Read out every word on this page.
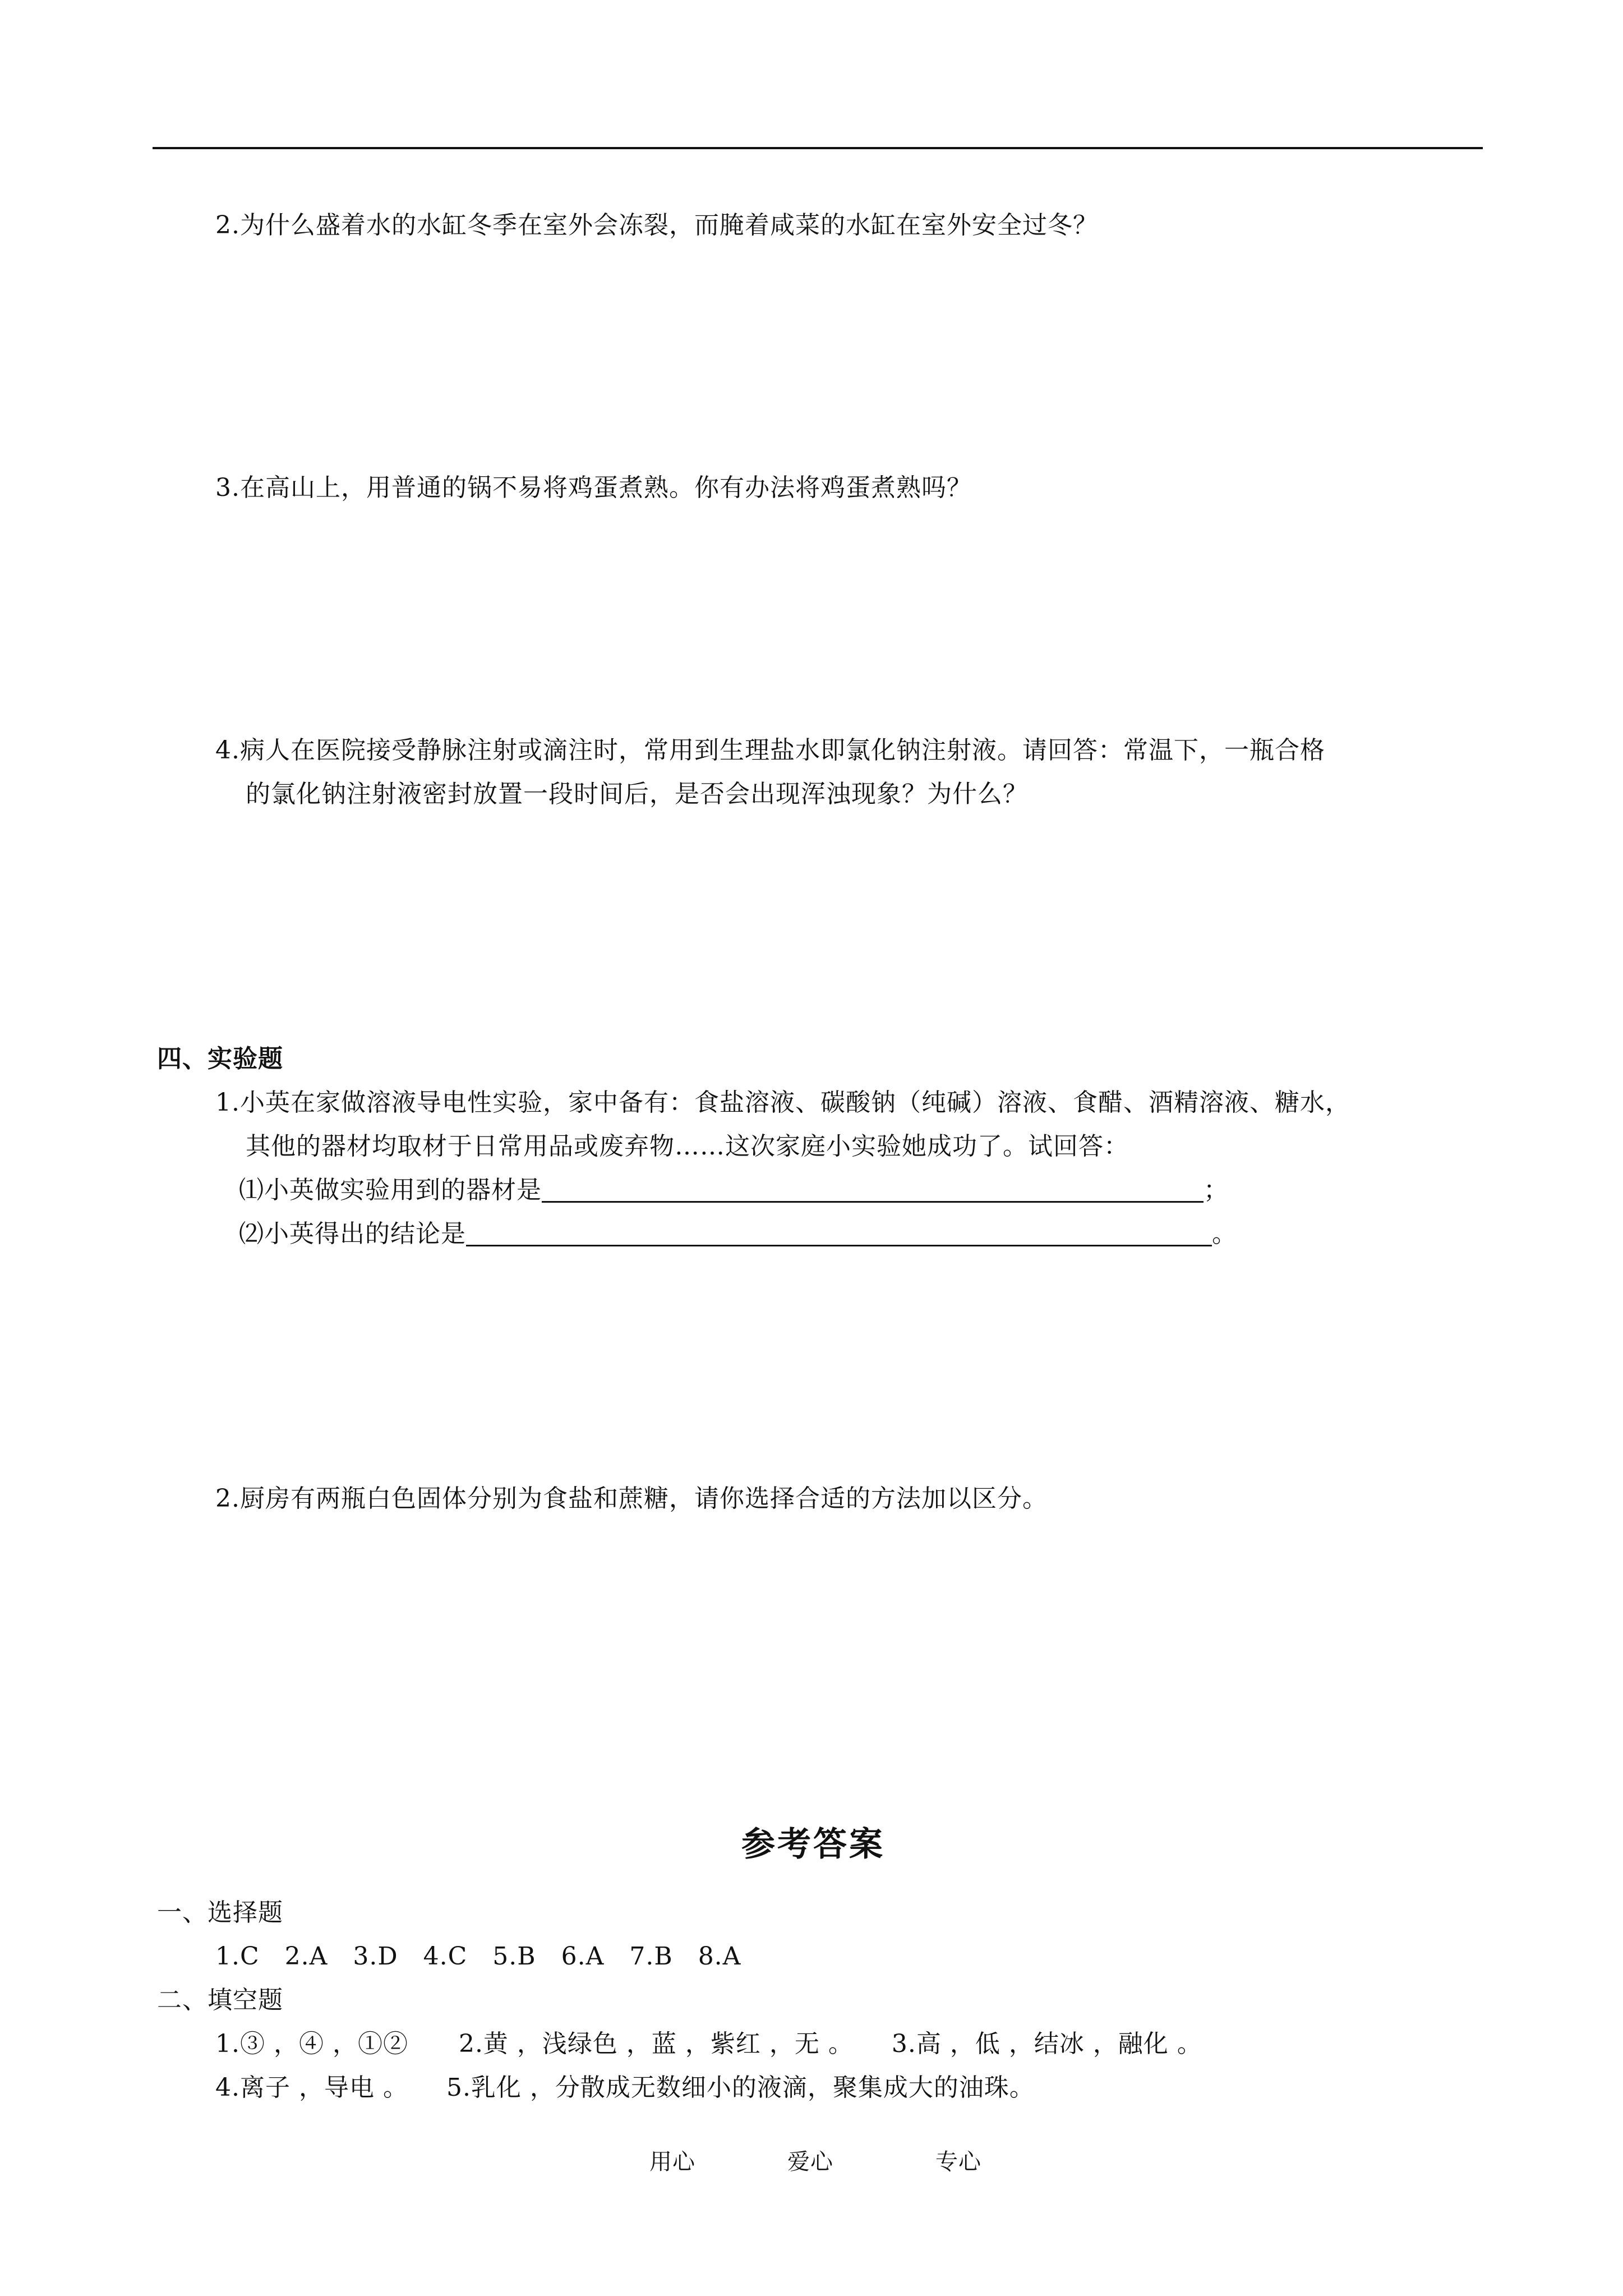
2.为什么盛着水的水缸冬季在室外会冻裂，而腌着咸菜的水缸在室外安全过冬？
3.在高山上，用普通的锅不易将鸡蛋煮熟。你有办法将鸡蛋煮熟吗？
4.病人在医院接受静脉注射或滴注时，常用到生理盐水即氯化钠注射液。请回答：常温下，一瓶合格
的氯化钠注射液密封放置一段时间后，是否会出现浑浊现象？为什么？
四、实验题
1.小英在家做溶液导电性实验，家中备有：食盐溶液、碳酸钠（纯碱）溶液、食醋、酒精溶液、糖水，
其他的器材均取材于日常用品或废弃物……这次家庭小实验她成功了。试回答：
⑴小英做实验用到的器材是	；
⑵小英得出的结论是	。
2.厨房有两瓶白色固体分别为食盐和蔗糖，请你选择合适的方法加以区分。
参考答案
一、选择题
1.C　2.A　3.D　4.C　5.B　6.A　7.B　8.A
二、填空题
1.③ ，④ ，①②　　2.黄 ，浅绿色 ，蓝 ，紫红 ，无 。　　3.高 ，低 ，结冰 ，融化 。
4.离子 ，导电 。　　5.乳化 ，分散成无数细小的液滴，聚集成大的油珠。
用心	爱心	专心
